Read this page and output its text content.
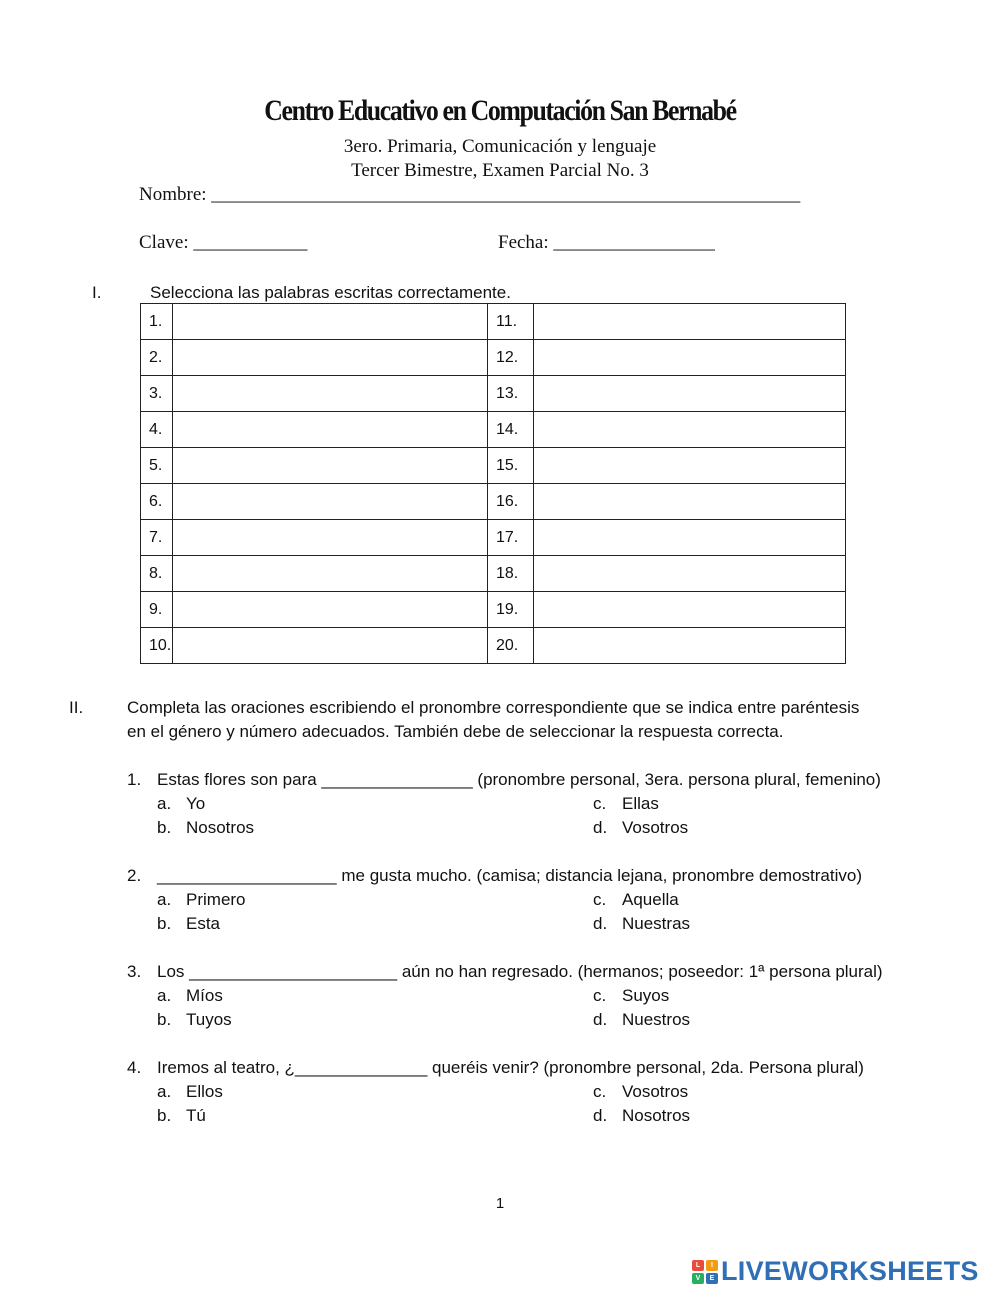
Centro Educativo en Computación San Bernabé
3ero. Primaria, Comunicación y lenguaje
Tercer Bimestre, Examen Parcial No. 3
Nombre: ______________________________________________________________
Clave: ____________	Fecha: _________________
I.	Selecciona las palabras escritas correctamente.
1.		11.	
2.		12.	
3.		13.	
4.		14.	
5.		15.	
6.		16.	
7.		17.	
8.		18.	
9.		19.	
10.		20.	
II.	Completa las oraciones escribiendo el pronombre correspondiente que se indica entre paréntesis
en el género y número adecuados. También debe de seleccionar la respuesta correcta.
1. Estas flores son para ________________ (pronombre personal, 3era. persona plural, femenino)
a. Yo
b. Nosotros
c. Ellas
d. Vosotros
2. ___________________ me gusta mucho. (camisa; distancia lejana, pronombre demostrativo)
a. Primero
b. Esta
c. Aquella
d. Nuestras
3. Los ______________________ aún no han regresado. (hermanos; poseedor: 1ª persona plural)
a. Míos
b. Tuyos
c. Suyos
d. Nuestros
4. Iremos al teatro, ¿______________ queréis venir? (pronombre personal, 2da. Persona plural)
a. Ellos
b. Tú
c. Vosotros
d. Nosotros
1
L	I
V	E LIVEWORKSHEETS
